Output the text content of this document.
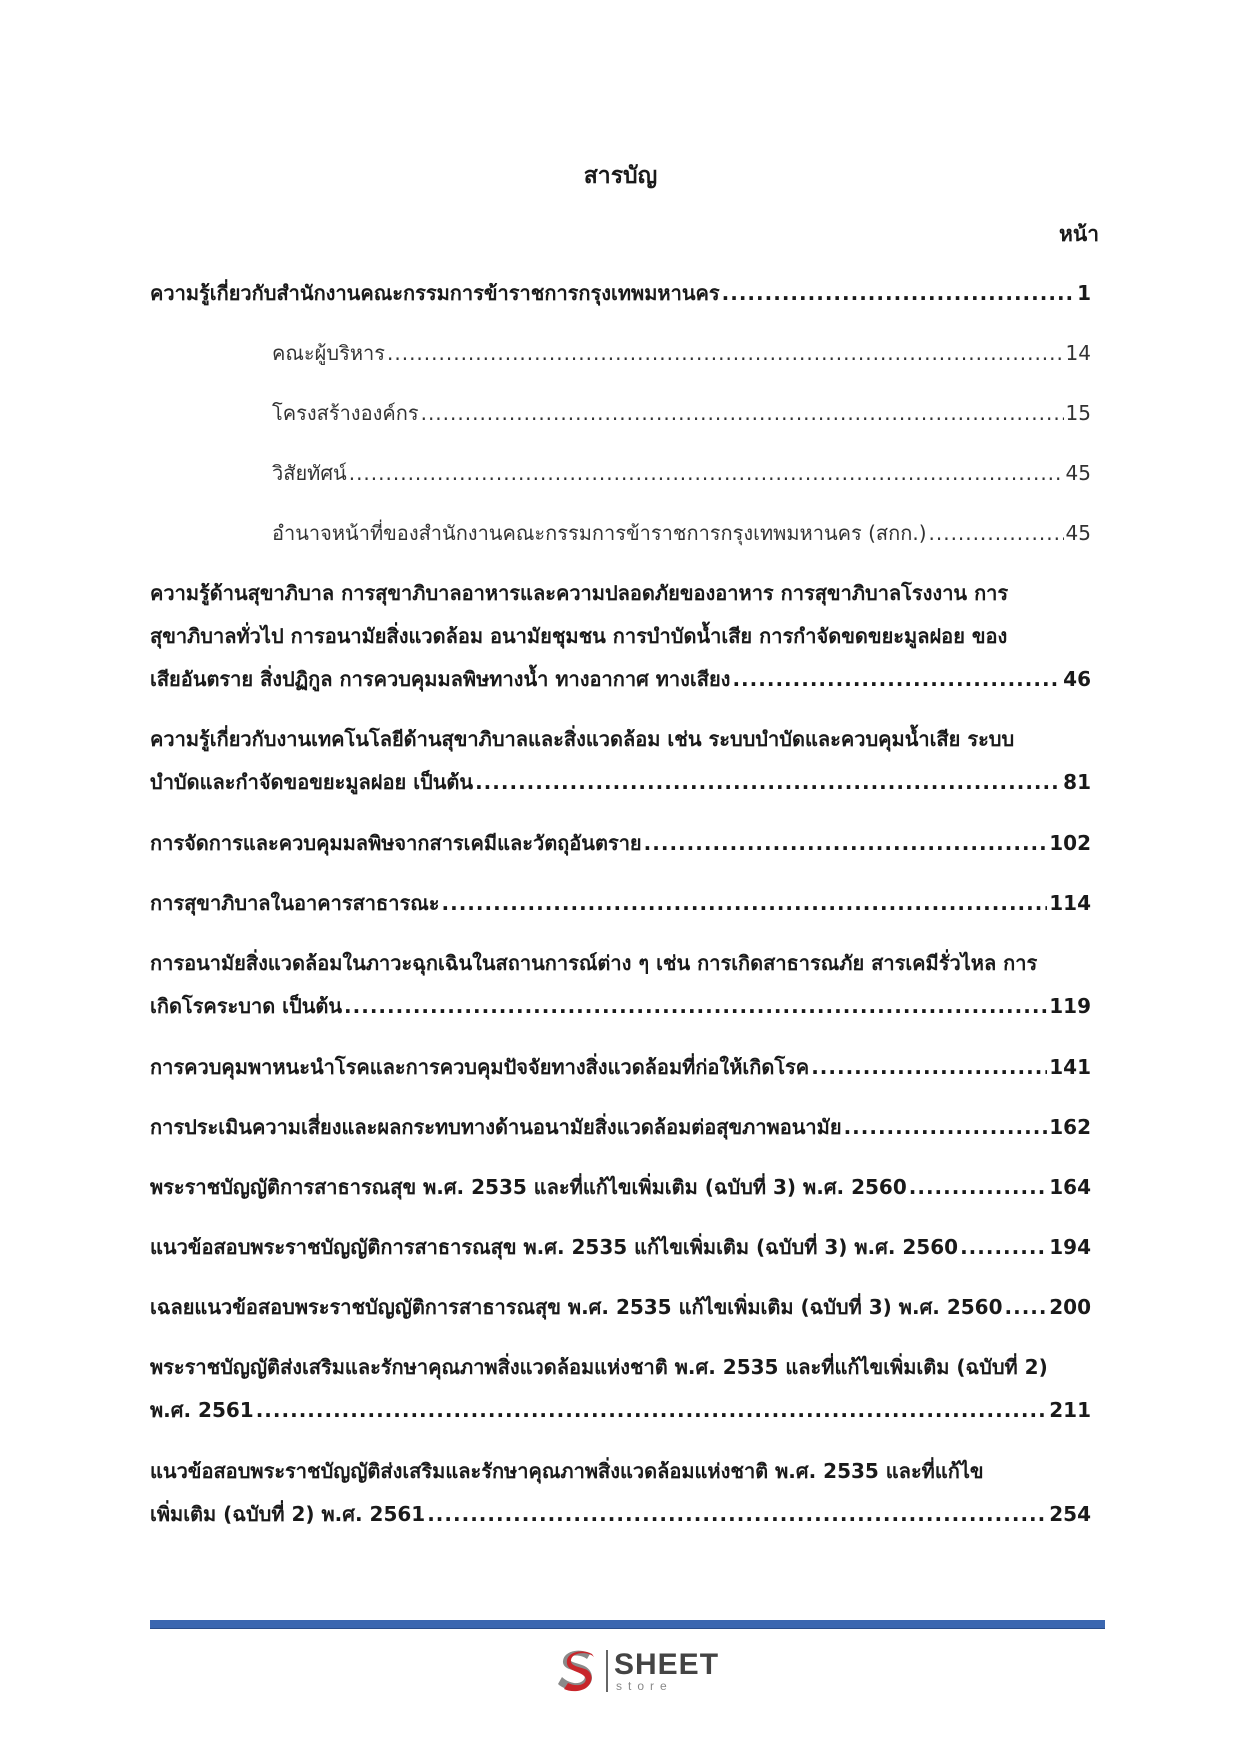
สารบัญ
หน้า
ความรู้เกี่ยวกับสำนักงานคณะกรรมการข้าราชการกรุงเทพมหานคร .....	1
คณะผู้บริหาร .....	14
โครงสร้างองค์กร .....	15
วิสัยทัศน์ .....	45
อำนาจหน้าที่ของสำนักงานคณะกรรมการข้าราชการกรุงเทพมหานคร (สกก.) .....	45
ความรู้ด้านสุขาภิบาล การสุขาภิบาลอาหารและความปลอดภัยของอาหาร การสุขาภิบาลโรงงาน การ
สุขาภิบาลทั่วไป การอนามัยสิ่งแวดล้อม อนามัยชุมชน การบำบัดน้ำเสีย การกำจัดขดขยะมูลฝอย ของ
เสียอันตราย สิ่งปฏิกูล การควบคุมมลพิษทางน้ำ ทางอากาศ ทางเสียง .....	46
ความรู้เกี่ยวกับงานเทคโนโลยีด้านสุขาภิบาลและสิ่งแวดล้อม เช่น ระบบบำบัดและควบคุมน้ำเสีย ระบบ
บำบัดและกำจัดขอขยะมูลฝอย เป็นต้น .....	81
การจัดการและควบคุมมลพิษจากสารเคมีและวัตถุอันตราย .....	102
การสุขาภิบาลในอาคารสาธารณะ .....	114
การอนามัยสิ่งแวดล้อมในภาวะฉุกเฉินในสถานการณ์ต่าง ๆ เช่น การเกิดสาธารณภัย สารเคมีรั่วไหล การ
เกิดโรคระบาด เป็นต้น .....	119
การควบคุมพาหนะนำโรคและการควบคุมปัจจัยทางสิ่งแวดล้อมที่ก่อให้เกิดโรค .....	141
การประเมินความเสี่ยงและผลกระทบทางด้านอนามัยสิ่งแวดล้อมต่อสุขภาพอนามัย .....	162
พระราชบัญญัติการสาธารณสุข พ.ศ. 2535 และที่แก้ไขเพิ่มเติม (ฉบับที่ 3) พ.ศ. 2560 .....	164
แนวข้อสอบพระราชบัญญัติการสาธารณสุข พ.ศ. 2535 แก้ไขเพิ่มเติม (ฉบับที่ 3) พ.ศ. 2560 .....	194
เฉลยแนวข้อสอบพระราชบัญญัติการสาธารณสุข พ.ศ. 2535 แก้ไขเพิ่มเติม (ฉบับที่ 3) พ.ศ. 2560 ..... 200
พระราชบัญญัติส่งเสริมและรักษาคุณภาพสิ่งแวดล้อมแห่งชาติ พ.ศ. 2535 และที่แก้ไขเพิ่มเติม (ฉบับที่ 2)
พ.ศ. 2561 .....	211
แนวข้อสอบพระราชบัญญัติส่งเสริมและรักษาคุณภาพสิ่งแวดล้อมแห่งชาติ พ.ศ. 2535 และที่แก้ไข
เพิ่มเติม (ฉบับที่ 2) พ.ศ. 2561 .....	254
SHEET
store
